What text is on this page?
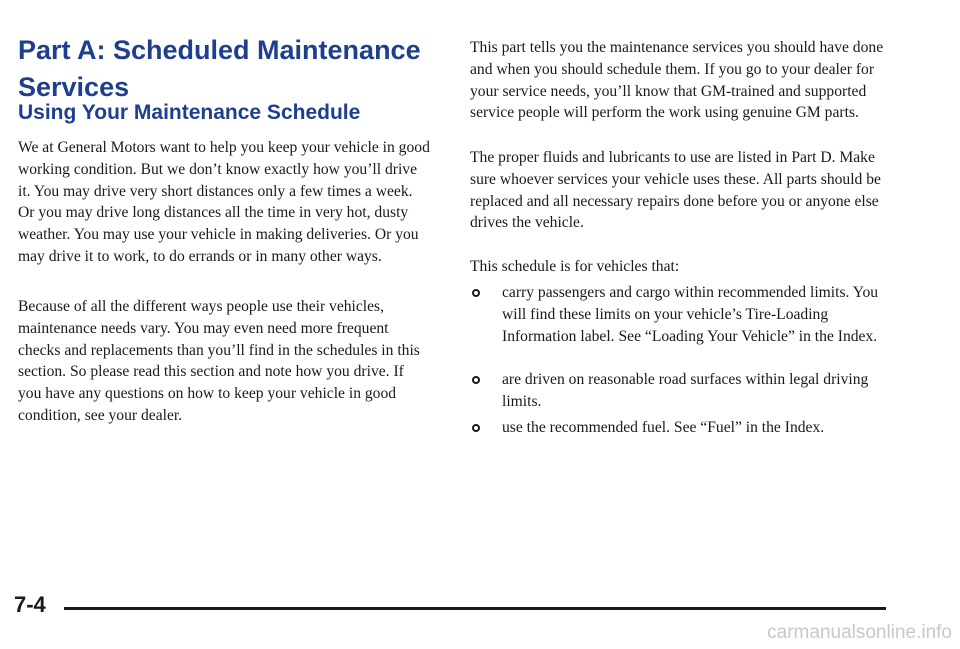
Part A: Scheduled Maintenance Services
Using Your Maintenance Schedule

We at General Motors want to help you keep your vehicle in good working condition. But we don’t know exactly how you’ll drive it. You may drive very short distances only a few times a week. Or you may drive long distances all the time in very hot, dusty weather. You may use your vehicle in making deliveries. Or you may drive it to work, to do errands or in many other ways.

Because of all the different ways people use their vehicles, maintenance needs vary. You may even need more frequent checks and replacements than you’ll find in the schedules in this section. So please read this section and note how you drive. If you have any questions on how to keep your vehicle in good condition, see your dealer.

This part tells you the maintenance services you should have done and when you should schedule them. If you go to your dealer for your service needs, you’ll know that GM-trained and supported service people will perform the work using genuine GM parts.

The proper fluids and lubricants to use are listed in Part D. Make sure whoever services your vehicle uses these. All parts should be replaced and all necessary repairs done before you or anyone else drives the vehicle.

This schedule is for vehicles that:

carry passengers and cargo within recommended limits. You will find these limits on your vehicle’s Tire-Loading Information label. See “Loading Your Vehicle” in the Index.
are driven on reasonable road surfaces within legal driving limits.
use the recommended fuel. See “Fuel” in the Index.
7-4
carmanualsonline.info
